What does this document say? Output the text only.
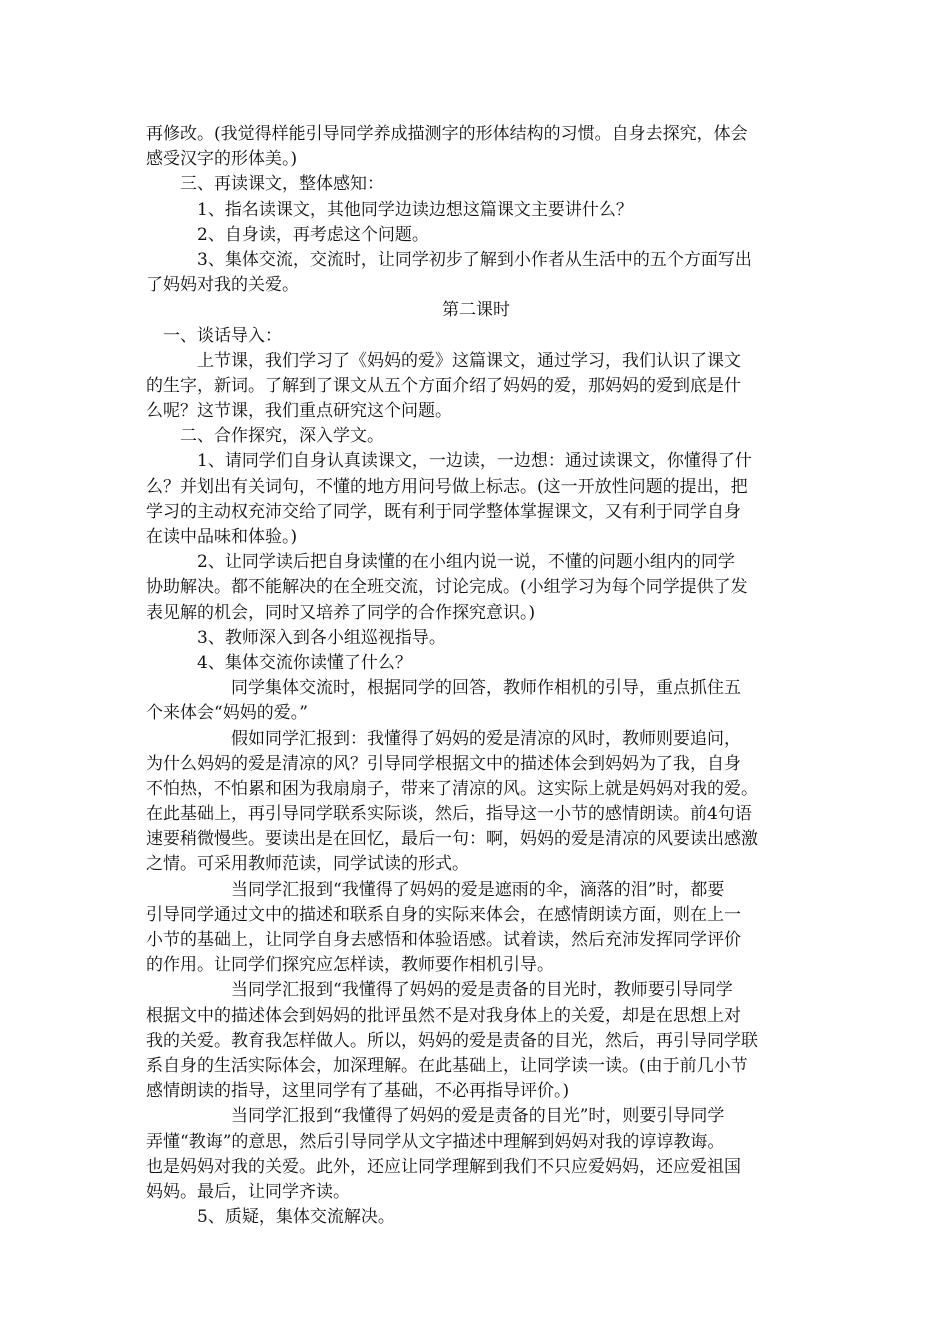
再修改。(我觉得样能引导同学养成描测字的形体结构的习惯。自身去探究，体会
感受汉字的形体美。)
　　三、再读课文，整体感知：
　　　1、指名读课文，其他同学边读边想这篇课文主要讲什么？
　　　2、自身读，再考虑这个问题。
　　　3、集体交流，交流时，让同学初步了解到小作者从生活中的五个方面写出
了妈妈对我的关爱。
第二课时
　一、谈话导入：
　　　上节课，我们学习了《妈妈的爱》这篇课文，通过学习，我们认识了课文
的生字，新词。了解到了课文从五个方面介绍了妈妈的爱，那妈妈的爱到底是什
么呢？这节课，我们重点研究这个问题。
　　二、合作探究，深入学文。
　　　1、请同学们自身认真读课文，一边读，一边想：通过读课文，你懂得了什
么？并划出有关词句，不懂的地方用问号做上标志。(这一开放性问题的提出，把
学习的主动权充沛交给了同学，既有利于同学整体掌握课文，又有利于同学自身
在读中品味和体验。)
　　　2、让同学读后把自身读懂的在小组内说一说，不懂的问题小组内的同学
协助解决。都不能解决的在全班交流，讨论完成。(小组学习为每个同学提供了发
表见解的机会，同时又培养了同学的合作探究意识。)
　　　3、教师深入到各小组巡视指导。
　　　4、集体交流你读懂了什么？
　　　　　同学集体交流时，根据同学的回答，教师作相机的引导，重点抓住五
个来体会“妈妈的爱。”
　　　　　假如同学汇报到：我懂得了妈妈的爱是清凉的风时，教师则要追问，
为什么妈妈的爱是清凉的风？引导同学根据文中的描述体会到妈妈为了我，自身
不怕热，不怕累和困为我扇扇子，带来了清凉的风。这实际上就是妈妈对我的爱。
在此基础上，再引导同学联系实际谈，然后，指导这一小节的感情朗读。前4句语
速要稍微慢些。要读出是在回忆，最后一句：啊，妈妈的爱是清凉的风要读出感激
之情。可采用教师范读，同学试读的形式。
　　　　　当同学汇报到“我懂得了妈妈的爱是遮雨的伞，滴落的泪”时，都要
引导同学通过文中的描述和联系自身的实际来体会，在感情朗读方面，则在上一
小节的基础上，让同学自身去感悟和体验语感。试着读，然后充沛发挥同学评价
的作用。让同学们探究应怎样读，教师要作相机引导。
　　　　　当同学汇报到“我懂得了妈妈的爱是责备的目光时，教师要引导同学
根据文中的描述体会到妈妈的批评虽然不是对我身体上的关爱，却是在思想上对
我的关爱。教育我怎样做人。所以，妈妈的爱是责备的目光，然后，再引导同学联
系自身的生活实际体会，加深理解。在此基础上，让同学读一读。(由于前几小节
感情朗读的指导，这里同学有了基础，不必再指导评价。)
　　　　　当同学汇报到“我懂得了妈妈的爱是责备的目光”时，则要引导同学
弄懂“教诲”的意思，然后引导同学从文字描述中理解到妈妈对我的谆谆教诲。
也是妈妈对我的关爱。此外，还应让同学理解到我们不只应爱妈妈，还应爱祖国
妈妈。最后，让同学齐读。
　　　5、质疑，集体交流解决。
